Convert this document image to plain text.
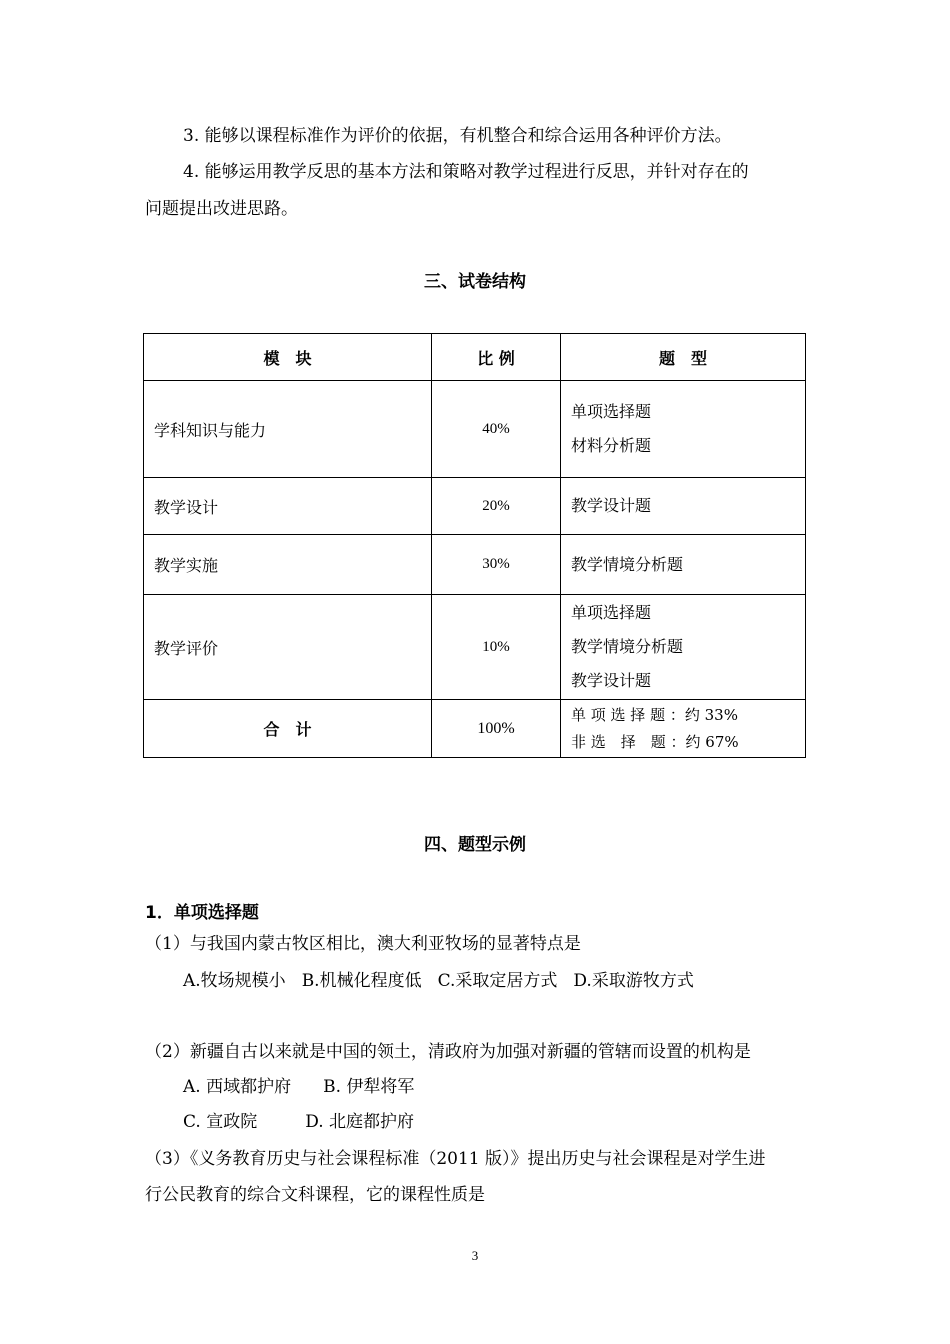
3. 能够以课程标准作为评价的依据，有机整合和综合运用各种评价方法。
4. 能够运用教学反思的基本方法和策略对教学过程进行反思，并针对存在的
问题提出改进思路。
三、试卷结构
模　块	比 例	题　型
学科知识与能力	40%	单项选择题
材料分析题

教学设计	20%	教学设计题

教学实施	30%	教学情境分析题

教学评价	10%	单项选择题
教学情境分析题
教学设计题

合　计	100%	单 项 选 择 题 ：约 33%
非 选　择　题 ：约 67%
四、题型示例
1．单项选择题
（1）与我国内蒙古牧区相比，澳大利亚牧场的显著特点是
A.牧场规模小 B.机械化程度低 C.采取定居方式 D.采取游牧方式
（2）新疆自古以来就是中国的领土，清政府为加强对新疆的管辖而设置的机构是
A. 西域都护府 B. 伊犁将军
C. 宣政院	D. 北庭都护府
（3）《义务教育历史与社会课程标准（2011 版）》提出历史与社会课程是对学生进
行公民教育的综合文科课程，它的课程性质是
3
